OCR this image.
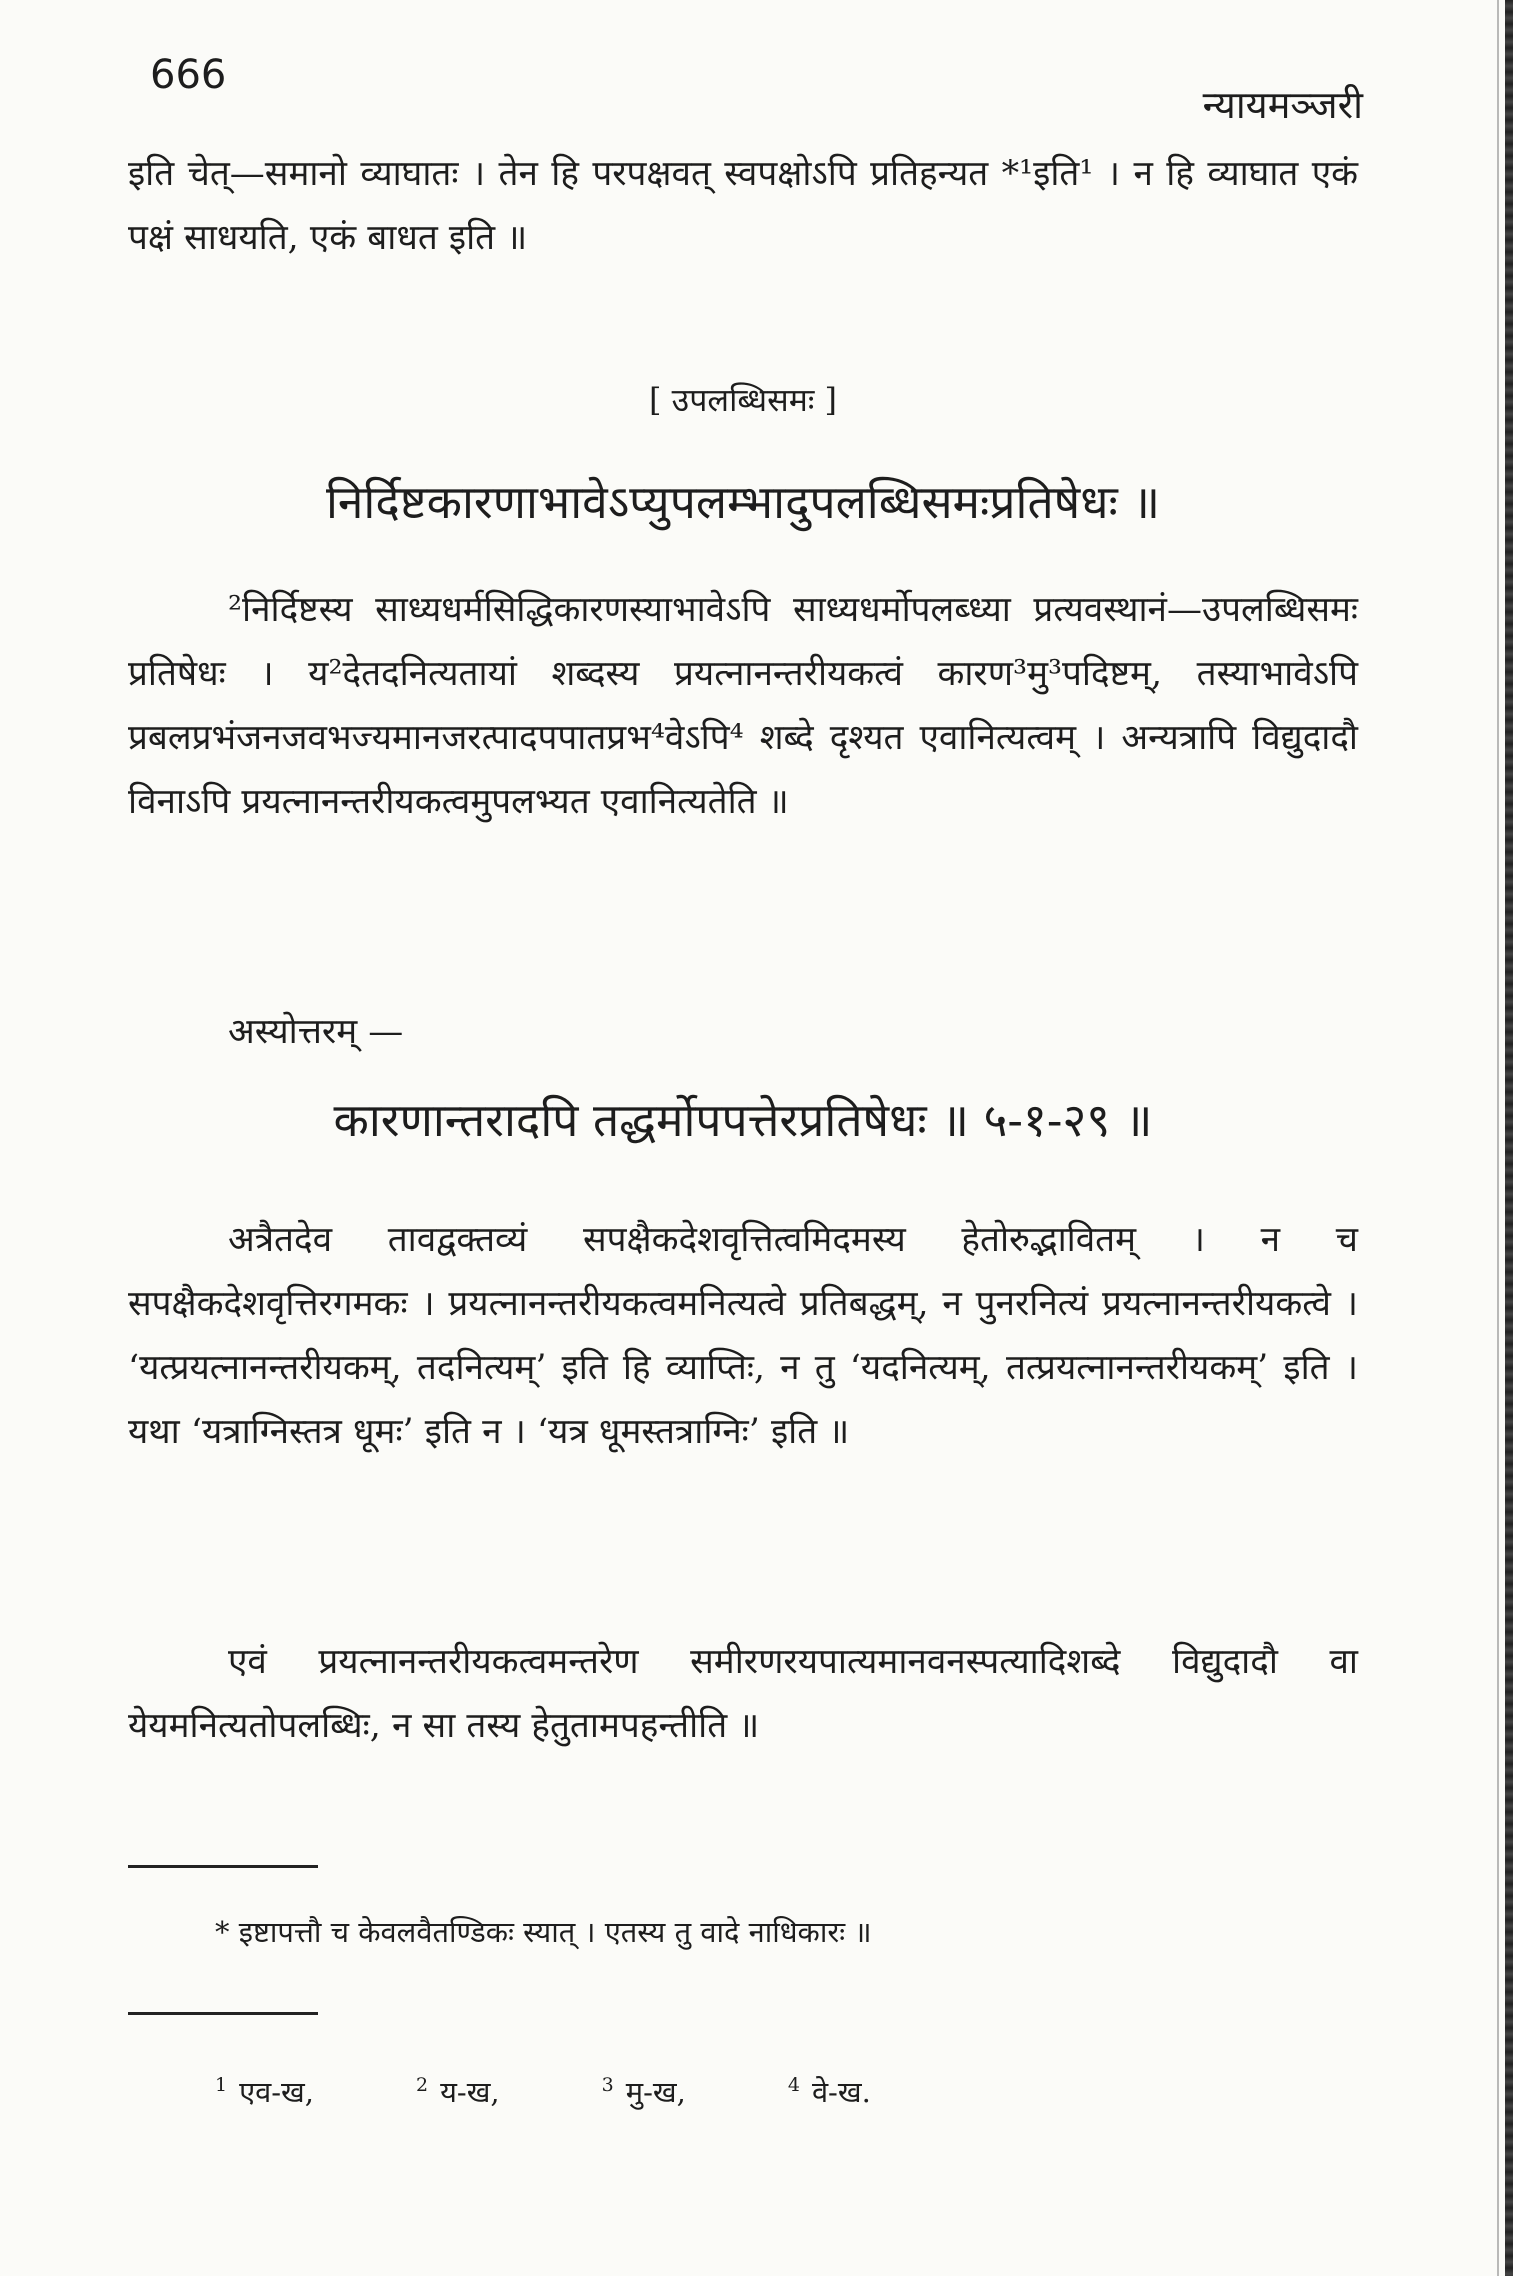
666
न्यायमञ्जरी

इति चेत्—समानो व्याघातः । तेन हि परपक्षवत् स्वपक्षोऽपि प्रतिहन्यत *¹इति¹ । न हि व्याघात एकं पक्षं साधयति, एकं बाधत इति ॥

[ उपलब्धिसमः ]
निर्दिष्टकारणाभावेऽप्युपलम्भादुपलब्धिसमःप्रतिषेधः ॥

²निर्दिष्टस्य साध्यधर्मसिद्धिकारणस्याभावेऽपि साध्यधर्मोपलब्ध्या प्रत्यवस्थानं—उपलब्धिसमः प्रतिषेधः । य²देतदनित्यतायां शब्दस्य प्रयत्नानन्तरीयकत्वं कारण³मु³पदिष्टम्, तस्याभावेऽपि प्रबलप्रभंजनजवभज्यमानजरत्पादपपातप्रभ⁴वेऽपि⁴ शब्दे दृश्यत एवानित्यत्वम् । अन्यत्रापि विद्युदादौ विनाऽपि प्रयत्नानन्तरीयकत्वमुपलभ्यत एवानित्यतेति ॥

अस्योत्तरम् —

कारणान्तरादपि तद्धर्मोपपत्तेरप्रतिषेधः ॥ ५-१-२९ ॥

अत्रैतदेव तावद्वक्तव्यं सपक्षैकदेशवृत्तित्वमिदमस्य हेतोरुद्भावितम् । न च सपक्षैकदेशवृत्तिरगमकः । प्रयत्नानन्तरीयकत्वमनित्यत्वे प्रतिबद्धम्, न पुनरनित्यं प्रयत्नानन्तरीयकत्वे । ‘यत्प्रयत्नानन्तरीयकम्, तदनित्यम्’ इति हि व्याप्तिः, न तु ‘यदनित्यम्, तत्प्रयत्नानन्तरीयकम्’ इति । यथा ‘यत्राग्निस्तत्र धूमः’ इति न । ‘यत्र धूमस्तत्राग्निः’ इति ॥

एवं प्रयत्नानन्तरीयकत्वमन्तरेण समीरणरयपात्यमानवनस्पत्यादिशब्दे विद्युदादौ वा येयमनित्यतोपलब्धिः, न सा तस्य हेतुतामपहन्तीति ॥

* इष्टापत्तौ च केवलवैतण्डिकः स्यात् । एतस्य तु वादे नाधिकारः ॥
$^1$ एव-ख,	$^2$ य-ख,	$^3$ मु-ख,	$^4$ वे-ख.
